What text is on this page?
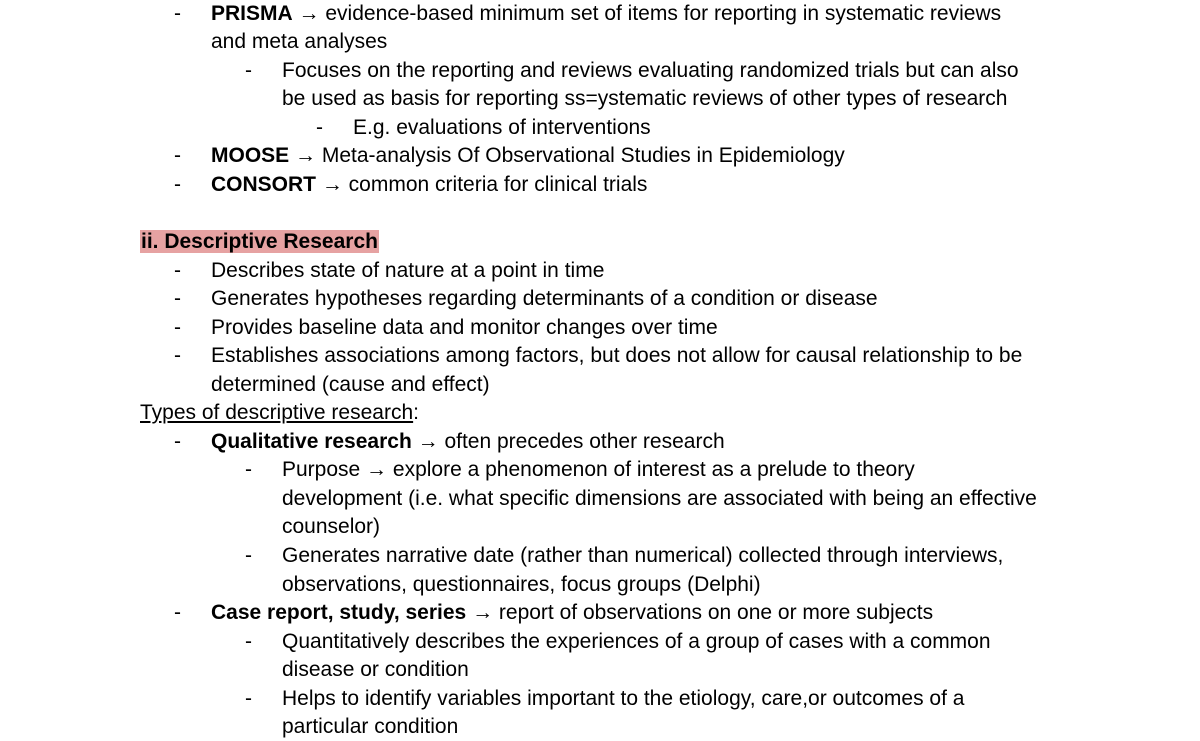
- PRISMA → evidence-based minimum set of items for reporting in systematic reviews
and meta analyses
- Focuses on the reporting and reviews evaluating randomized trials but can also
be used as basis for reporting ss=ystematic reviews of other types of research
- E.g. evaluations of interventions
- MOOSE → Meta-analysis Of Observational Studies in Epidemiology
- CONSORT → common criteria for clinical trials
ii. Descriptive Research
- Describes state of nature at a point in time
- Generates hypotheses regarding determinants of a condition or disease
- Provides baseline data and monitor changes over time
- Establishes associations among factors, but does not allow for causal relationship to be
determined (cause and effect)
Types of descriptive research:
- Qualitative research → often precedes other research
- Purpose → explore a phenomenon of interest as a prelude to theory
development (i.e. what specific dimensions are associated with being an effective
counselor)
- Generates narrative date (rather than numerical) collected through interviews,
observations, questionnaires, focus groups (Delphi)
- Case report, study, series → report of observations on one or more subjects
- Quantitatively describes the experiences of a group of cases with a common
disease or condition
- Helps to identify variables important to the etiology, care,or outcomes of a
particular condition
